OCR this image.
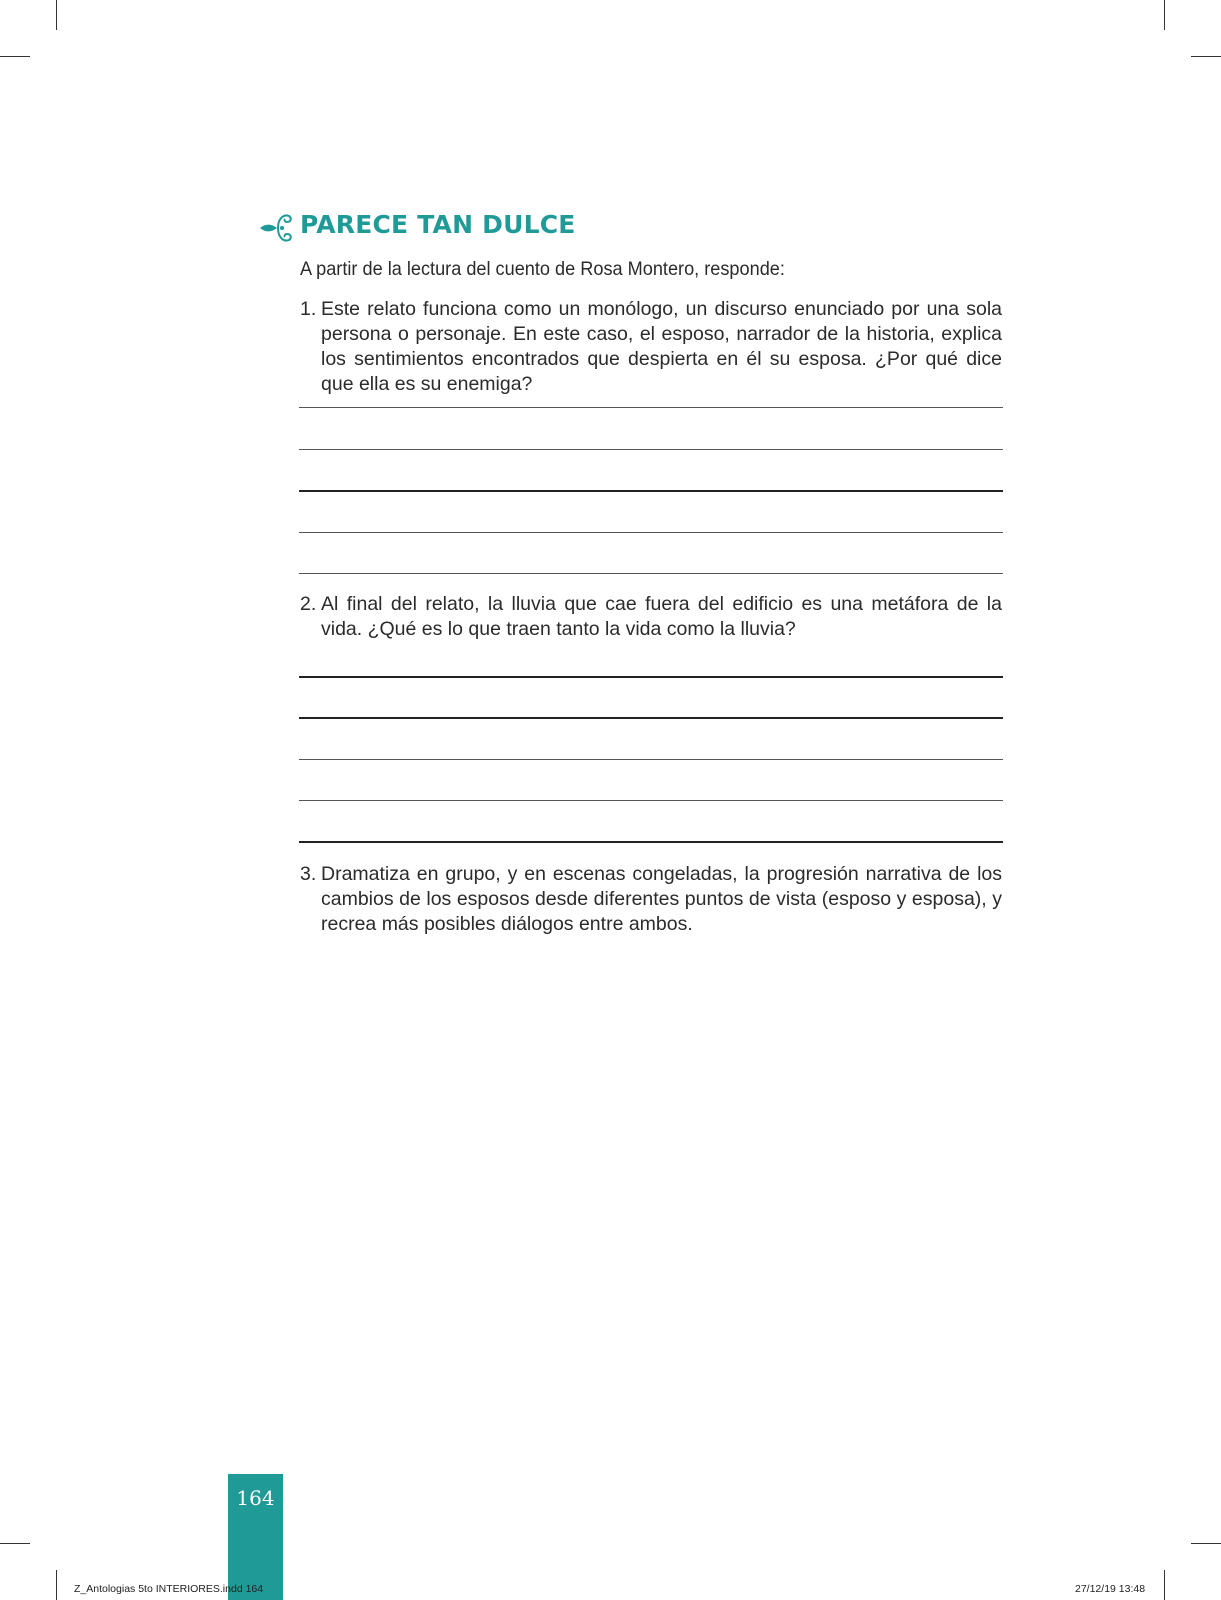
PARECE TAN DULCE
A partir de la lectura del cuento de Rosa Montero, responde:
1. Este relato funciona como un monólogo, un discurso enunciado por una sola persona o personaje. En este caso, el esposo, narrador de la historia, explica los sentimientos encontrados que despierta en él su esposa. ¿Por qué dice que ella es su enemiga?
2. Al final del relato, la lluvia que cae fuera del edificio es una metáfora de la vida. ¿Qué es lo que traen tanto la vida como la lluvia?
3. Dramatiza en grupo, y en escenas congeladas, la progresión narrativa de los cambios de los esposos desde diferentes puntos de vista (esposo y esposa), y recrea más posibles diálogos entre ambos.
164
Z_Antologias 5to INTERIORES.indd 164	27/12/19 13:48
